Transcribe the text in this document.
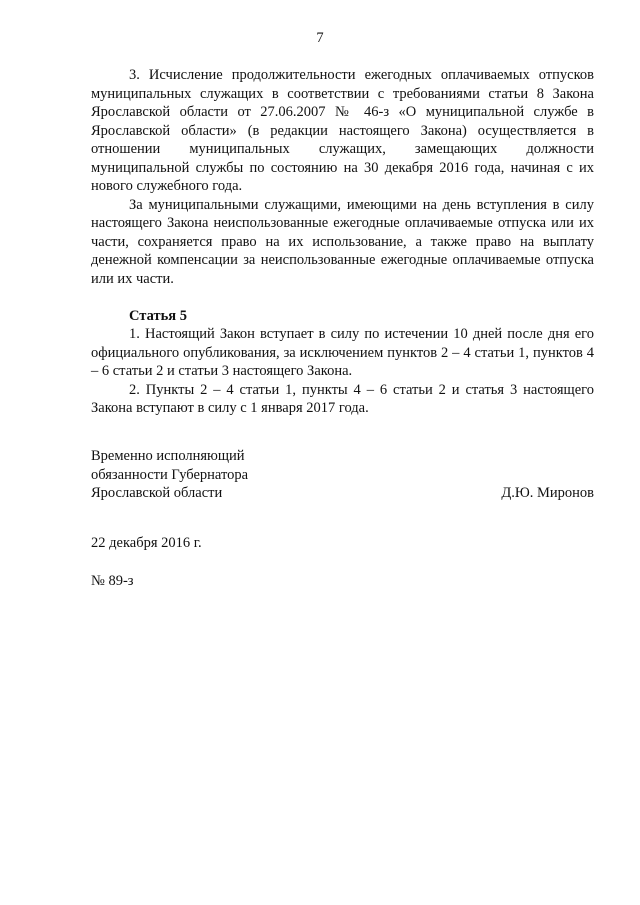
7

3. Исчисление продолжительности ежегодных оплачиваемых отпусков муниципальных служащих в соответствии с требованиями статьи 8 Закона Ярославской области от 27.06.2007 № 46-з «О муниципальной службе в Ярославской области» (в редакции настоящего Закона) осуществляется в отношении муниципальных служащих, замещающих должности муниципальной службы по состоянию на 30 декабря 2016 года, начиная с их нового служебного года.

За муниципальными служащими, имеющими на день вступления в силу настоящего Закона неиспользованные ежегодные оплачиваемые отпуска или их части, сохраняется право на их использование, а также право на выплату денежной компенсации за неиспользованные ежегодные оплачиваемые отпуска или их части.

Статья 5

1. Настоящий Закон вступает в силу по истечении 10 дней после дня его официального опубликования, за исключением пунктов 2 – 4 статьи 1, пунктов 4 – 6 статьи 2 и статьи 3 настоящего Закона.

2. Пункты 2 – 4 статьи 1, пункты 4 – 6 статьи 2 и статья 3 настоящего Закона вступают в силу с 1 января 2017 года.

Временно исполняющий
обязанности Губернатора
Ярославской области	Д.Ю. Миронов
22 декабря 2016 г.
№ 89-з
